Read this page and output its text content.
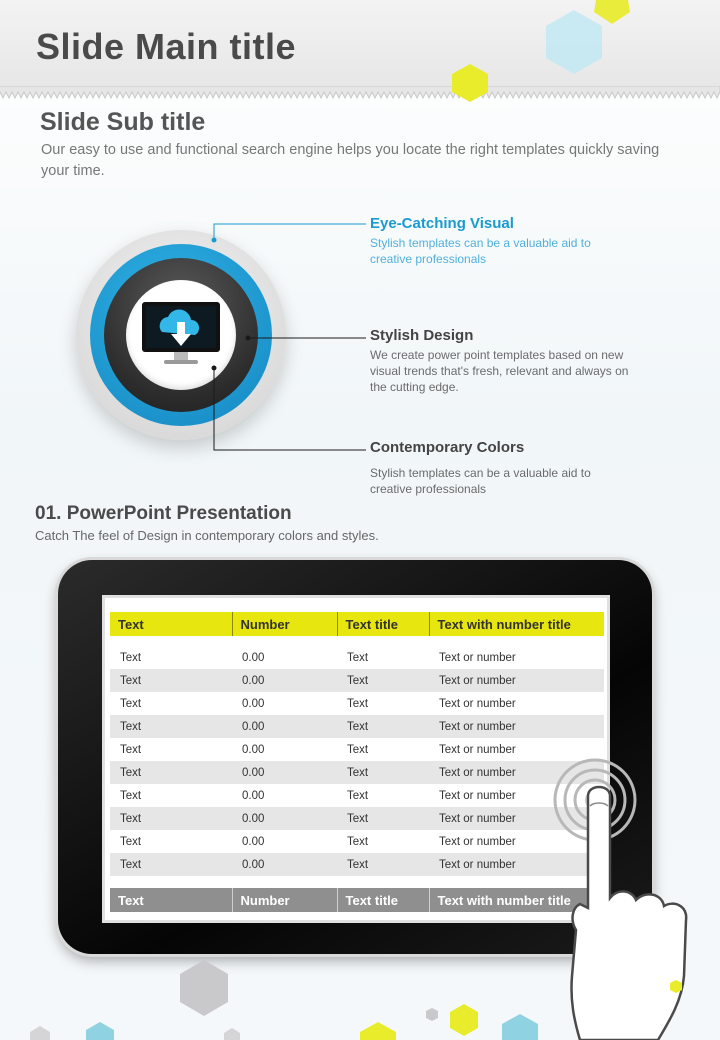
Slide Main title
Slide Sub title
Our easy to use and functional search engine helps you locate the right templates quickly saving your time.
Eye-Catching Visual
Stylish templates can be a valuable aid to creative professionals
Stylish Design
We create power point templates based on new visual trends that's fresh, relevant and always on the cutting edge.
Contemporary Colors
Stylish templates can be a valuable aid to creative professionals
01. PowerPoint Presentation
Catch The feel of Design in contemporary colors and styles.
Text	Number	Text title	Text with number title

Text	0.00	Text	Text or number
Text	0.00	Text	Text or number
Text	0.00	Text	Text or number
Text	0.00	Text	Text or number
Text	0.00	Text	Text or number
Text	0.00	Text	Text or number
Text	0.00	Text	Text or number
Text	0.00	Text	Text or number
Text	0.00	Text	Text or number
Text	0.00	Text	Text or number

Text	Number	Text title	Text with number title
